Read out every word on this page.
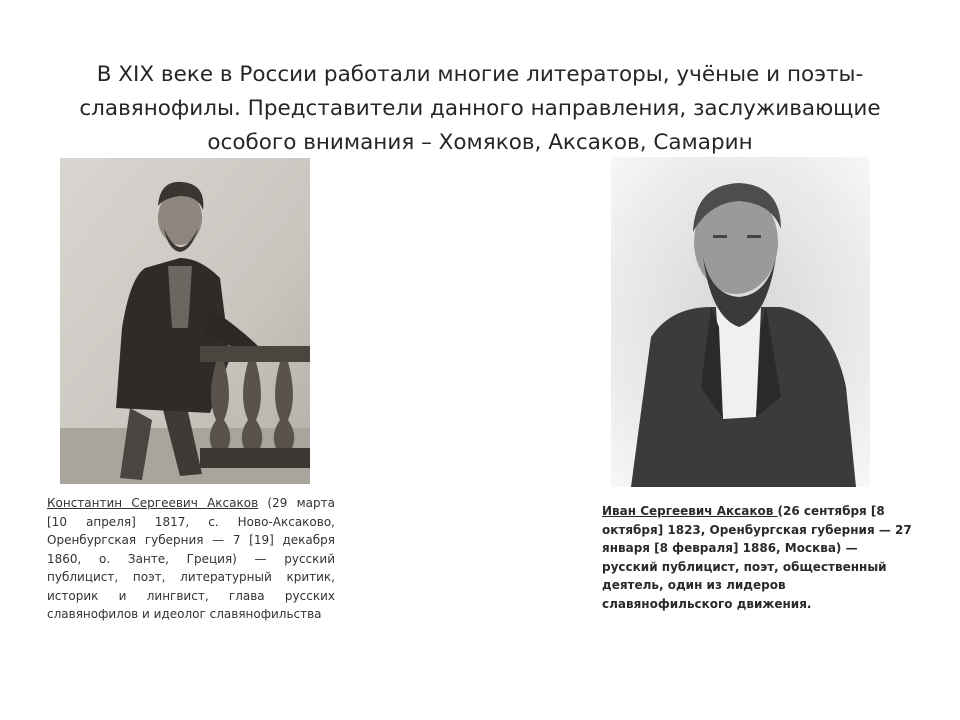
В XIX веке в России работали многие литераторы, учёные и поэты-славянофилы. Представители данного направления, заслуживающие особого внимания – Хомяков, Аксаков, Самарин

Константин Сергеевич Аксаков (29 марта [10 апреля] 1817, с. Ново-Аксаково, Оренбургская губерния — 7 [19] декабря 1860, о. Занте, Греция) — русский публицист, поэт, литературный критик, историк и лингвист, глава русских славянофилов и идеолог славянофильства

Иван Сергеевич Аксаков (26 сентября [8 октября] 1823, Оренбургская губерния — 27 января [8 февраля] 1886, Москва) — русский публицист, поэт, общественный деятель, один из лидеров славянофильского движения.
